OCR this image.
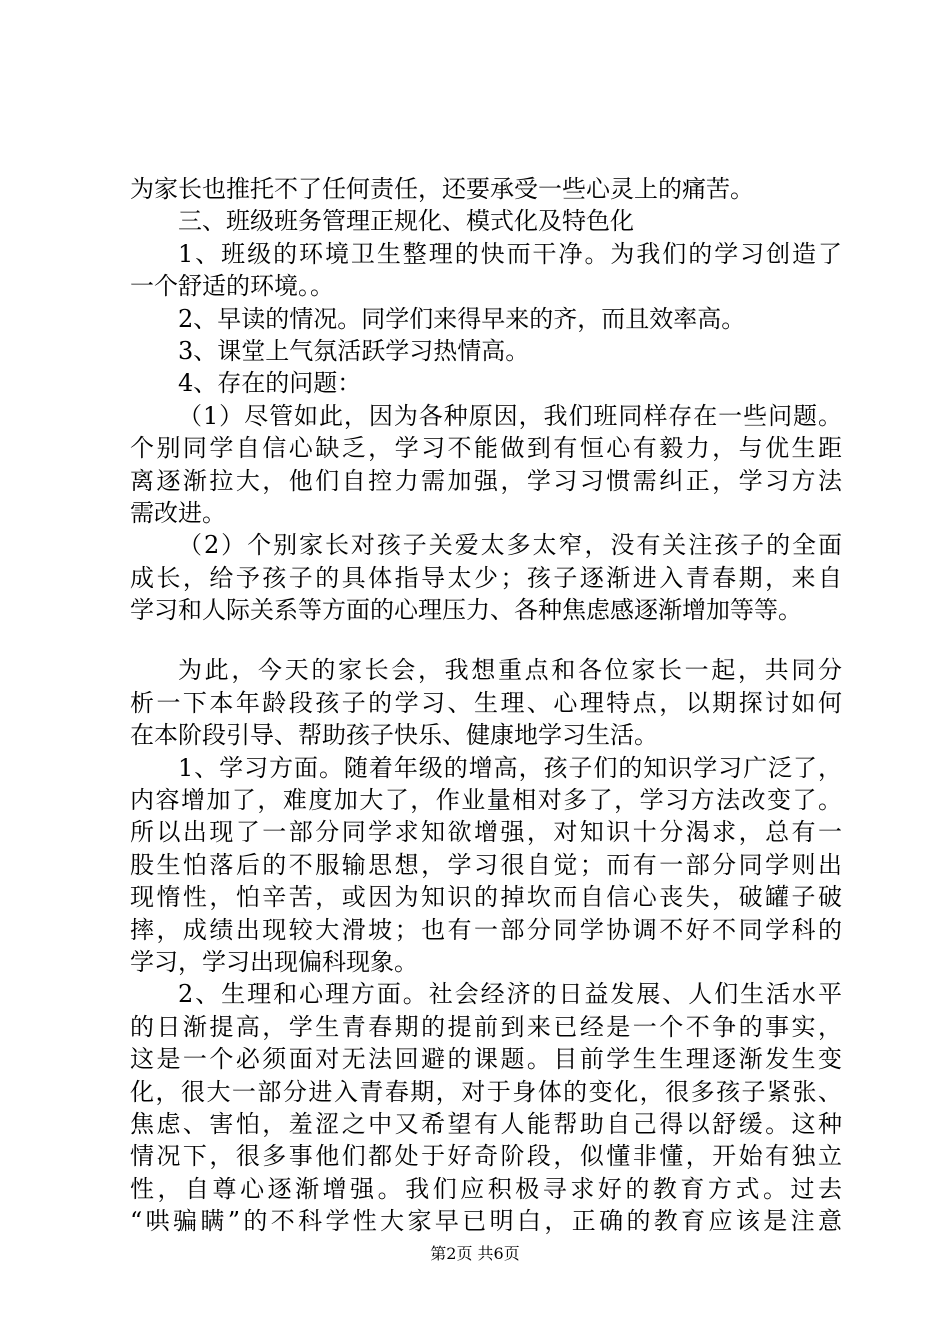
为家长也推托不了任何责任，还要承受一些心灵上的痛苦。
三、班级班务管理正规化、模式化及特色化
1、班级的环境卫生整理的快而干净。为我们的学习创造了
一个舒适的环境。。
2、早读的情况。同学们来得早来的齐，而且效率高。
3、课堂上气氛活跃学习热情高。
4、存在的问题：
（1）尽管如此，因为各种原因，我们班同样存在一些问题。
个别同学自信心缺乏，学习不能做到有恒心有毅力，与优生距
离逐渐拉大，他们自控力需加强，学习习惯需纠正，学习方法
需改进。
（2）个别家长对孩子关爱太多太窄，没有关注孩子的全面
成长，给予孩子的具体指导太少；孩子逐渐进入青春期，来自
学习和人际关系等方面的心理压力、各种焦虑感逐渐增加等等。
为此，今天的家长会，我想重点和各位家长一起，共同分
析一下本年龄段孩子的学习、生理、心理特点，以期探讨如何
在本阶段引导、帮助孩子快乐、健康地学习生活。
1、学习方面。随着年级的增高，孩子们的知识学习广泛了，
内容增加了，难度加大了，作业量相对多了，学习方法改变了。
所以出现了一部分同学求知欲增强，对知识十分渴求，总有一
股生怕落后的不服输思想，学习很自觉；而有一部分同学则出
现惰性，怕辛苦，或因为知识的掉坎而自信心丧失，破罐子破
摔，成绩出现较大滑坡；也有一部分同学协调不好不同学科的
学习，学习出现偏科现象。
2、生理和心理方面。社会经济的日益发展、人们生活水平
的日渐提高，学生青春期的提前到来已经是一个不争的事实，
这是一个必须面对无法回避的课题。目前学生生理逐渐发生变
化，很大一部分进入青春期，对于身体的变化，很多孩子紧张、
焦虑、害怕，羞涩之中又希望有人能帮助自己得以舒缓。这种
情况下，很多事他们都处于好奇阶段，似懂非懂，开始有独立
性，自尊心逐渐增强。我们应积极寻求好的教育方式。过去
“哄骗瞒”的不科学性大家早已明白，正确的教育应该是注意
第2页 共6页
